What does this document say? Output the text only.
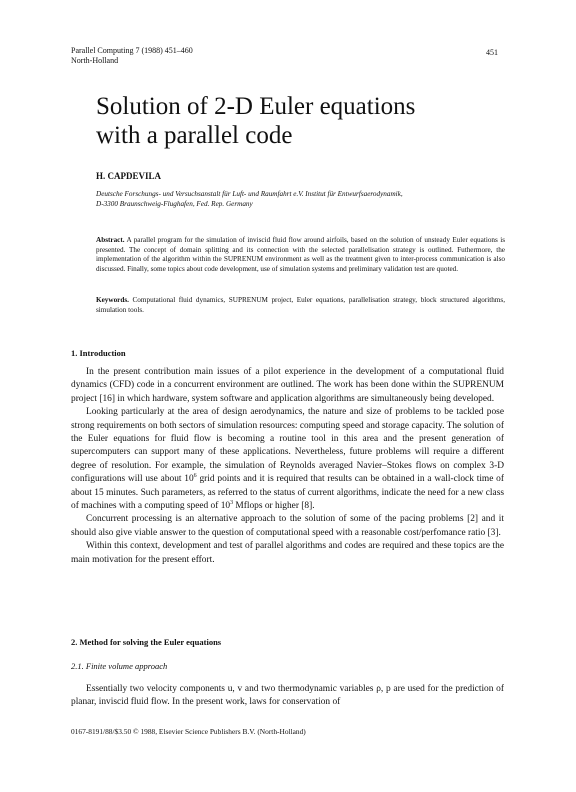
Parallel Computing 7 (1988) 451–460
North-Holland
451
Solution of 2-D Euler equations
with a parallel code
H. CAPDEVILA
Deutsche Forschungs- und Versuchsanstalt für Luft- und Raumfahrt e.V. Institut für Entwurfsaerodynamik,
D-3300 Braunschweig-Flughafen, Fed. Rep. Germany
Abstract. A parallel program for the simulation of inviscid fluid flow around airfoils, based on the solution of unsteady Euler equations is presented. The concept of domain splitting and its connection with the selected parallelisation strategy is outlined. Futhermore, the implementation of the algorithm within the SUPRENUM environment as well as the treatment given to inter-process communication is also discussed. Finally, some topics about code development, use of simulation systems and preliminary validation test are quoted.
Keywords. Computational fluid dynamics, SUPRENUM project, Euler equations, parallelisation strategy, block structured algorithms, simulation tools.
1. Introduction

In the present contribution main issues of a pilot experience in the development of a computational fluid dynamics (CFD) code in a concurrent environment are outlined. The work has been done within the SUPRENUM project [16] in which hardware, system software and application algorithms are simultaneously being developed.

Looking particularly at the area of design aerodynamics, the nature and size of problems to be tackled pose strong requirements on both sectors of simulation resources: computing speed and storage capacity. The solution of the Euler equations for fluid flow is becoming a routine tool in this area and the present generation of supercomputers can support many of these applications. Nevertheless, future problems will require a different degree of resolution. For example, the simulation of Reynolds averaged Navier–Stokes flows on complex 3-D configurations will use about $10^6$ grid points and it is required that results can be obtained in a wall-clock time of about 15 minutes. Such parameters, as referred to the status of current algorithms, indicate the need for a new class of machines with a computing speed of $10^3$ Mflops or higher [8].

Concurrent processing is an alternative approach to the solution of some of the pacing problems [2] and it should also give viable answer to the question of computational speed with a reasonable cost/perfomance ratio [3].

Within this context, development and test of parallel algorithms and codes are required and these topics are the main motivation for the present effort.

2. Method for solving the Euler equations
2.1. Finite volume approach

Essentially two velocity components u, v and two thermodynamic variables ρ, p are used for the prediction of planar, inviscid fluid flow. In the present work, laws for conservation of

0167-8191/88/$3.50 © 1988, Elsevier Science Publishers B.V. (North-Holland)
